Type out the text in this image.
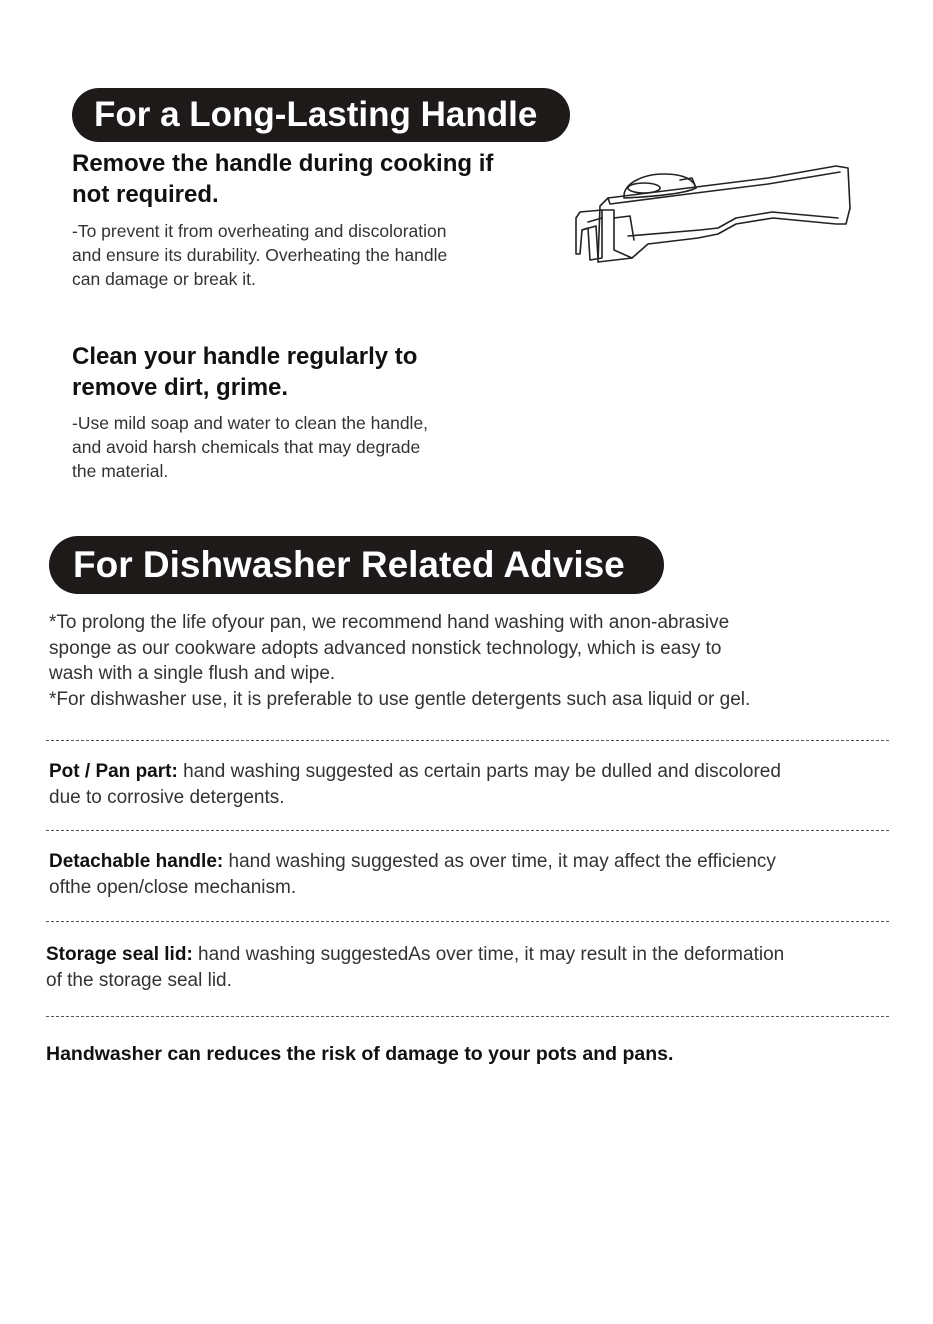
For a Long-Lasting Handle
Remove the handle during cooking if
not required.
-To prevent it from overheating and discoloration
and ensure its durability. Overheating the handle
can damage or break it.
Clean your handle regularly to
remove dirt, grime.
-Use mild soap and water to clean the handle,
and avoid harsh chemicals that may degrade
the material.
For Dishwasher Related Advise
*To prolong the life ofyour pan, we recommend hand washing with anon-abrasive
sponge as our cookware adopts advanced nonstick technology, which is easy to
wash with a single flush and wipe.
*For dishwasher use, it is preferable to use gentle detergents such asa liquid or gel.
Pot / Pan part: hand washing suggested as certain parts may be dulled and discolored
due to corrosive detergents.
Detachable handle: hand washing suggested as over time, it may affect the efficiency
ofthe open/close mechanism.
Storage seal lid: hand washing suggestedAs over time, it may result in the deformation
of the storage seal lid.
Handwasher can reduces the risk of damage to your pots and pans.
